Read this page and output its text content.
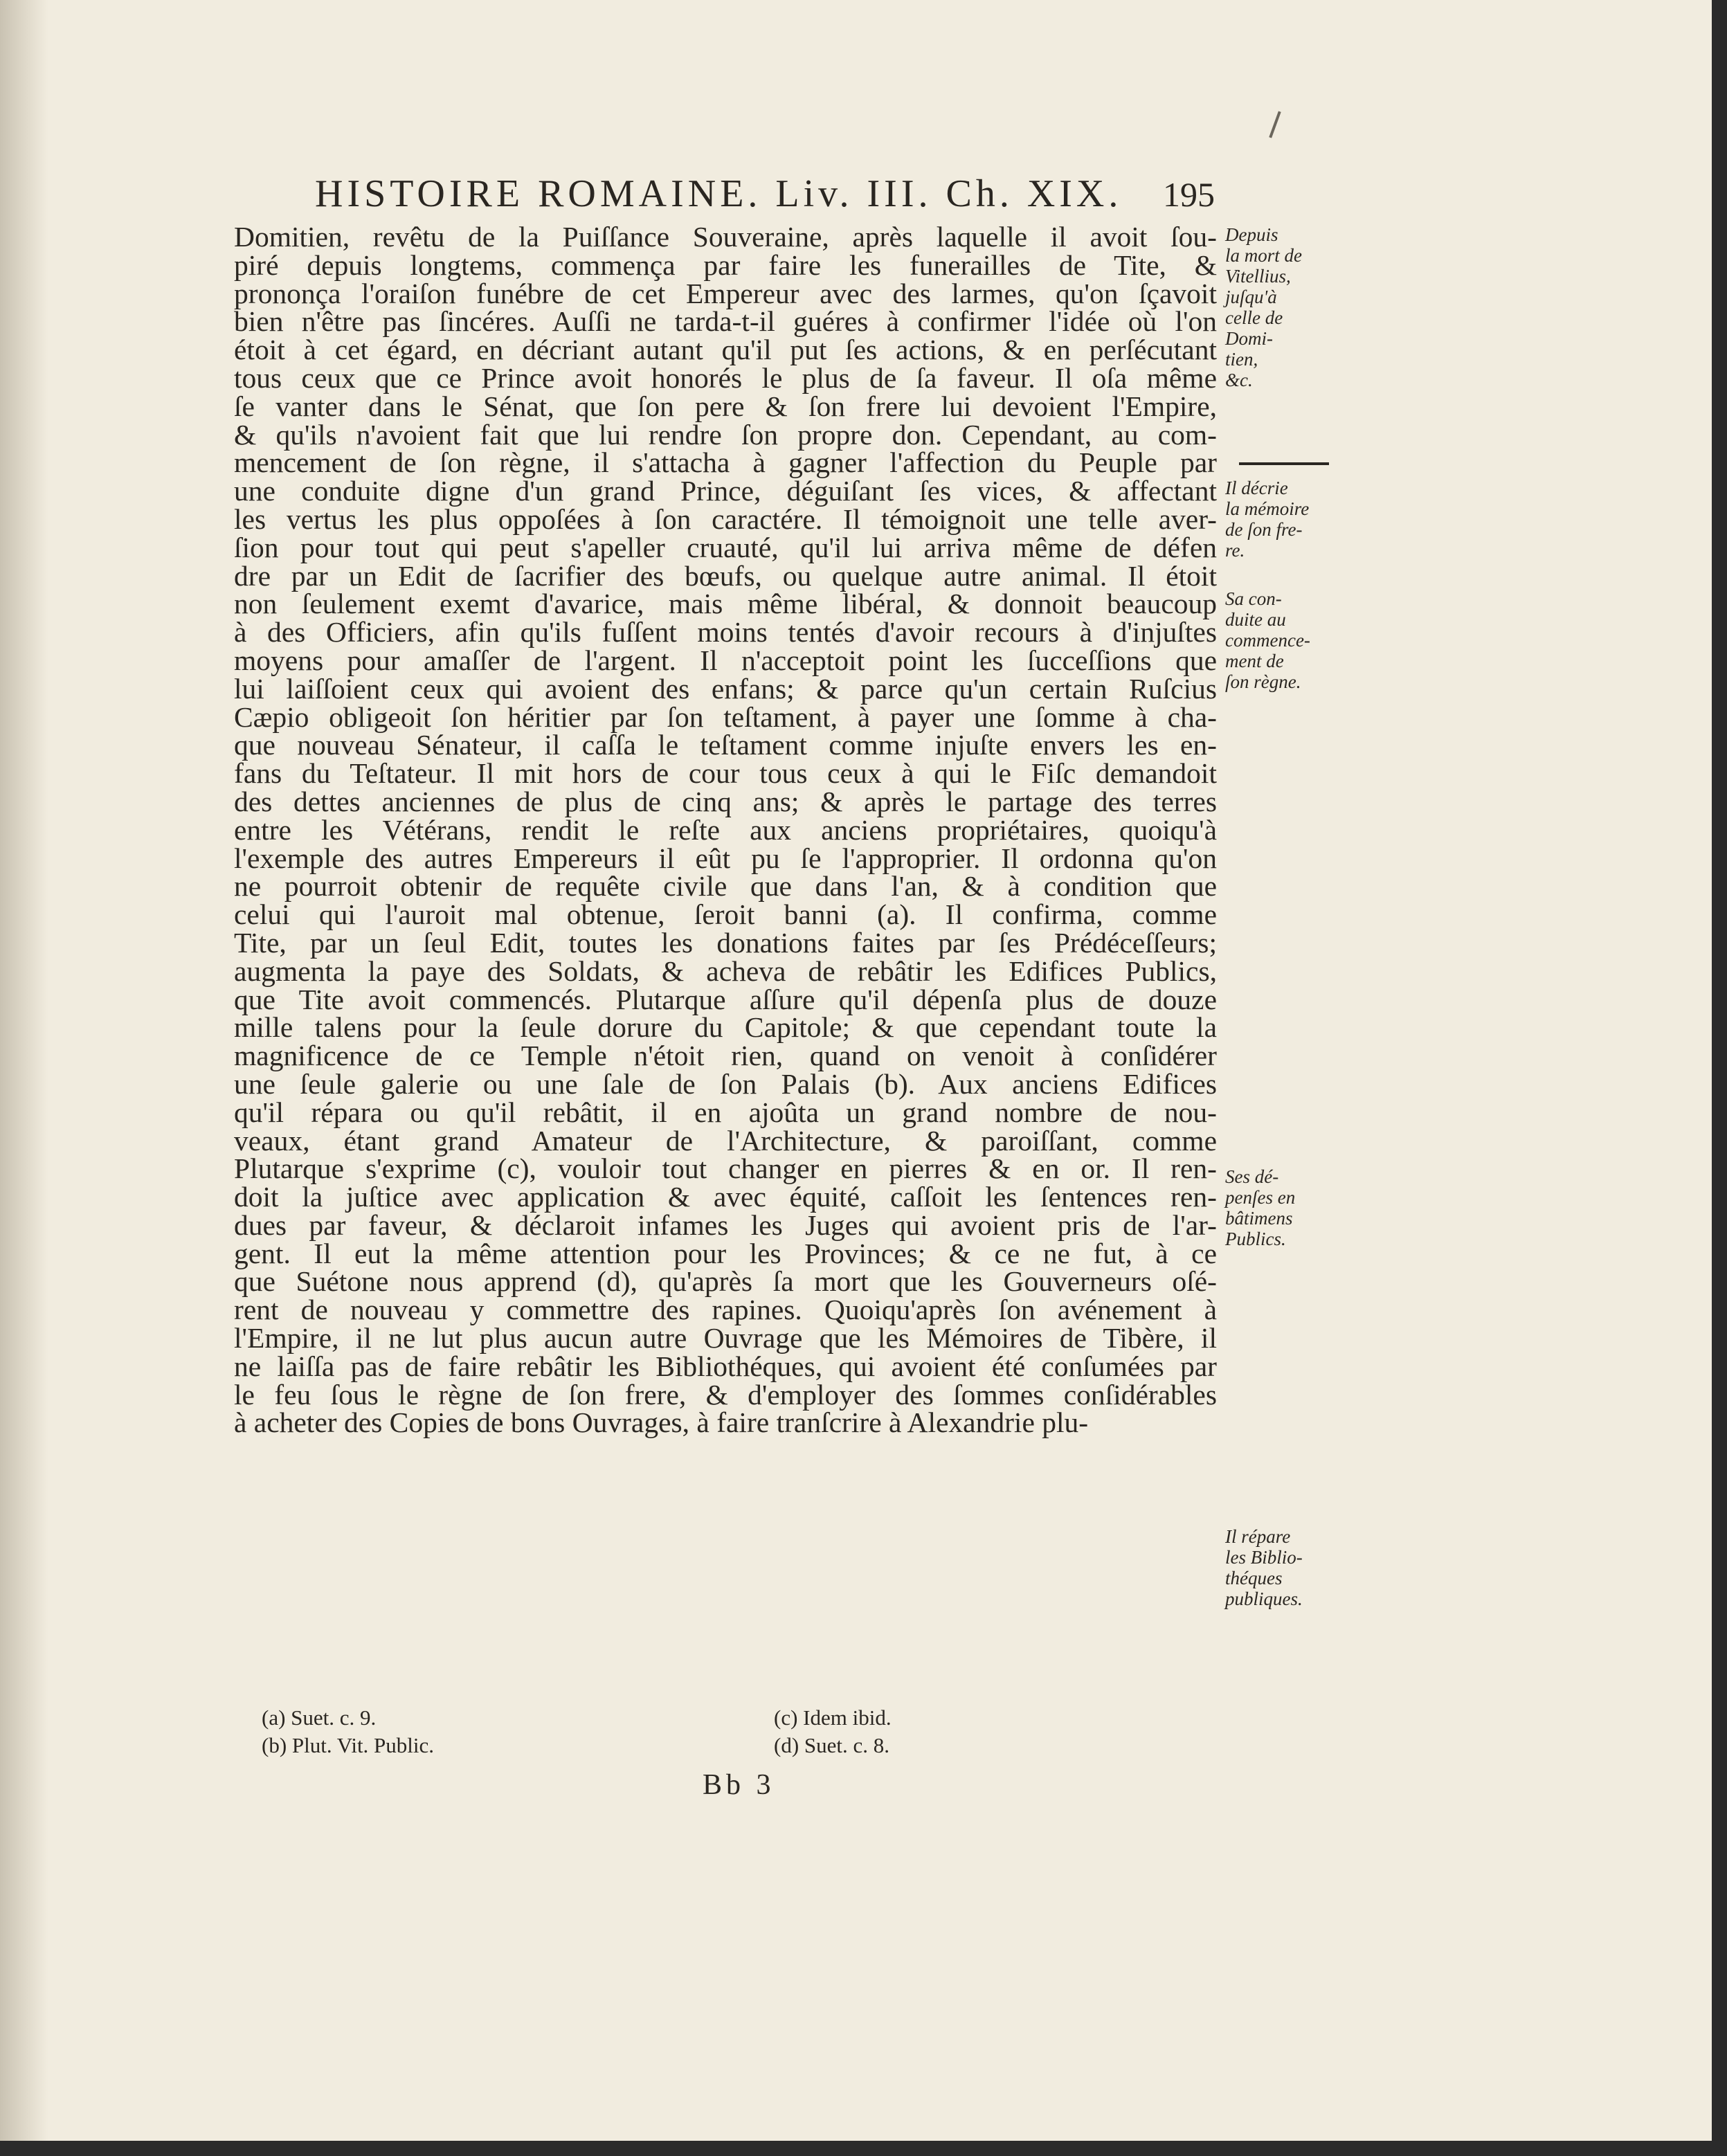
HISTOIRE ROMAINE. Liv. III. Ch. XIX. 195
Domitien, revêtu de la Puiſſance Souveraine, après laquelle il avoit ſou-
piré depuis longtems, commença par faire les funerailles de Tite, &
prononça l'oraiſon funébre de cet Empereur avec des larmes, qu'on ſçavoit
bien n'être pas ſincéres. Auſſi ne tarda-t-il guéres à confirmer l'idée où l'on
étoit à cet égard, en décriant autant qu'il put ſes actions, & en perſécutant
tous ceux que ce Prince avoit honorés le plus de ſa faveur. Il oſa même
ſe vanter dans le Sénat, que ſon pere & ſon frere lui devoient l'Empire,
& qu'ils n'avoient fait que lui rendre ſon propre don. Cependant, au com-
mencement de ſon règne, il s'attacha à gagner l'affection du Peuple par
une conduite digne d'un grand Prince, déguiſant ſes vices, & affectant
les vertus les plus oppoſées à ſon caractére. Il témoignoit une telle aver-
ſion pour tout qui peut s'apeller cruauté, qu'il lui arriva même de défen
dre par un Edit de ſacrifier des bœufs, ou quelque autre animal. Il étoit
non ſeulement exemt d'avarice, mais même libéral, & donnoit beaucoup
à des Officiers, afin qu'ils fuſſent moins tentés d'avoir recours à d'injuſtes
moyens pour amaſſer de l'argent. Il n'acceptoit point les ſucceſſions que
lui laiſſoient ceux qui avoient des enfans; & parce qu'un certain Ruſcius
Cæpio obligeoit ſon héritier par ſon teſtament, à payer une ſomme à cha-
que nouveau Sénateur, il caſſa le teſtament comme injuſte envers les en-
fans du Teſtateur. Il mit hors de cour tous ceux à qui le Fiſc demandoit
des dettes anciennes de plus de cinq ans; & après le partage des terres
entre les Vétérans, rendit le reſte aux anciens propriétaires, quoiqu'à
l'exemple des autres Empereurs il eût pu ſe l'approprier. Il ordonna qu'on
ne pourroit obtenir de requête civile que dans l'an, & à condition que
celui qui l'auroit mal obtenue, ſeroit banni (a). Il confirma, comme
Tite, par un ſeul Edit, toutes les donations faites par ſes Prédéceſſeurs;
augmenta la paye des Soldats, & acheva de rebâtir les Edifices Publics,
que Tite avoit commencés. Plutarque aſſure qu'il dépenſa plus de douze
mille talens pour la ſeule dorure du Capitole; & que cependant toute la
magnificence de ce Temple n'étoit rien, quand on venoit à conſidérer
une ſeule galerie ou une ſale de ſon Palais (b). Aux anciens Edifices
qu'il répara ou qu'il rebâtit, il en ajoûta un grand nombre de nou-
veaux, étant grand Amateur de l'Architecture, & paroiſſant, comme
Plutarque s'exprime (c), vouloir tout changer en pierres & en or. Il ren-
doit la juſtice avec application & avec équité, caſſoit les ſentences ren-
dues par faveur, & déclaroit infames les Juges qui avoient pris de l'ar-
gent. Il eut la même attention pour les Provinces; & ce ne fut, à ce
que Suétone nous apprend (d), qu'après ſa mort que les Gouverneurs oſé-
rent de nouveau y commettre des rapines. Quoiqu'après ſon avénement à
l'Empire, il ne lut plus aucun autre Ouvrage que les Mémoires de Tibère, il
ne laiſſa pas de faire rebâtir les Bibliothéques, qui avoient été conſumées par
le feu ſous le règne de ſon frere, & d'employer des ſommes conſidérables
à acheter des Copies de bons Ouvrages, à faire tranſcrire à Alexandrie plu-
Depuis
la mort de
Vitellius,
juſqu'à
celle de
Domi-
tien,
&c.
Il décrie
la mémoire
de ſon fre-
re.
Sa con-
duite au
commence-
ment de
ſon règne.
Ses dé-
penſes en
bâtimens
Publics.
Il répare
les Biblio-
théques
publiques.
(a) Suet. c. 9.
(b) Plut. Vit. Public.
(c) Idem ibid.
(d) Suet. c. 8.
Bb 3
